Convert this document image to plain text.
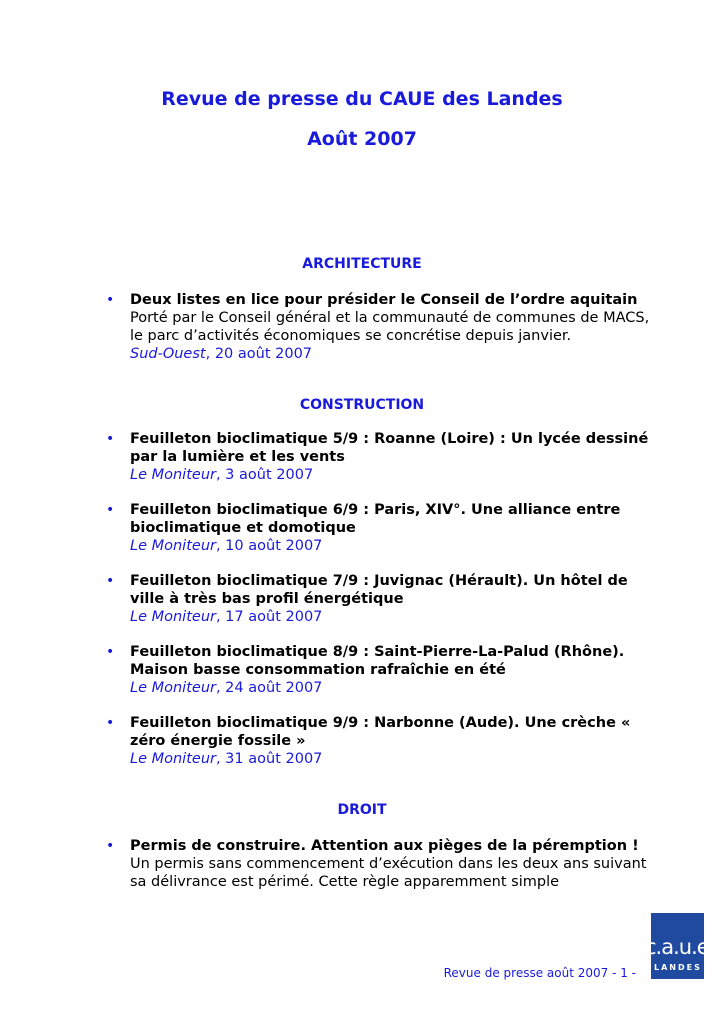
Revue de presse du CAUE des Landes
Août 2007
ARCHITECTURE
• Deux listes en lice pour présider le Conseil de l’ordre aquitain
Porté par le Conseil général et la communauté de communes de MACS, le parc d’activités économiques se concrétise depuis janvier.
Sud-Ouest, 20 août 2007
CONSTRUCTION
• Feuilleton bioclimatique 5/9 : Roanne (Loire) : Un lycée dessiné par la lumière et les vents
Le Moniteur, 3 août 2007
• Feuilleton bioclimatique 6/9 : Paris, XIV°. Une alliance entre bioclimatique et domotique
Le Moniteur, 10 août 2007
• Feuilleton bioclimatique 7/9 : Juvignac (Hérault). Un hôtel de ville à très bas profil énergétique
Le Moniteur, 17 août 2007
• Feuilleton bioclimatique 8/9 : Saint-Pierre-La-Palud (Rhône). Maison basse consommation rafraîchie en été
Le Moniteur, 24 août 2007
• Feuilleton bioclimatique 9/9 : Narbonne (Aude). Une crèche « zéro énergie fossile »
Le Moniteur, 31 août 2007
DROIT
• Permis de construire. Attention aux pièges de la péremption !
Un permis sans commencement d’exécution dans les deux ans suivant sa délivrance est périmé. Cette règle apparemment simple
Revue de presse août 2007 - 1 -
c.a.u.e
LANDES
